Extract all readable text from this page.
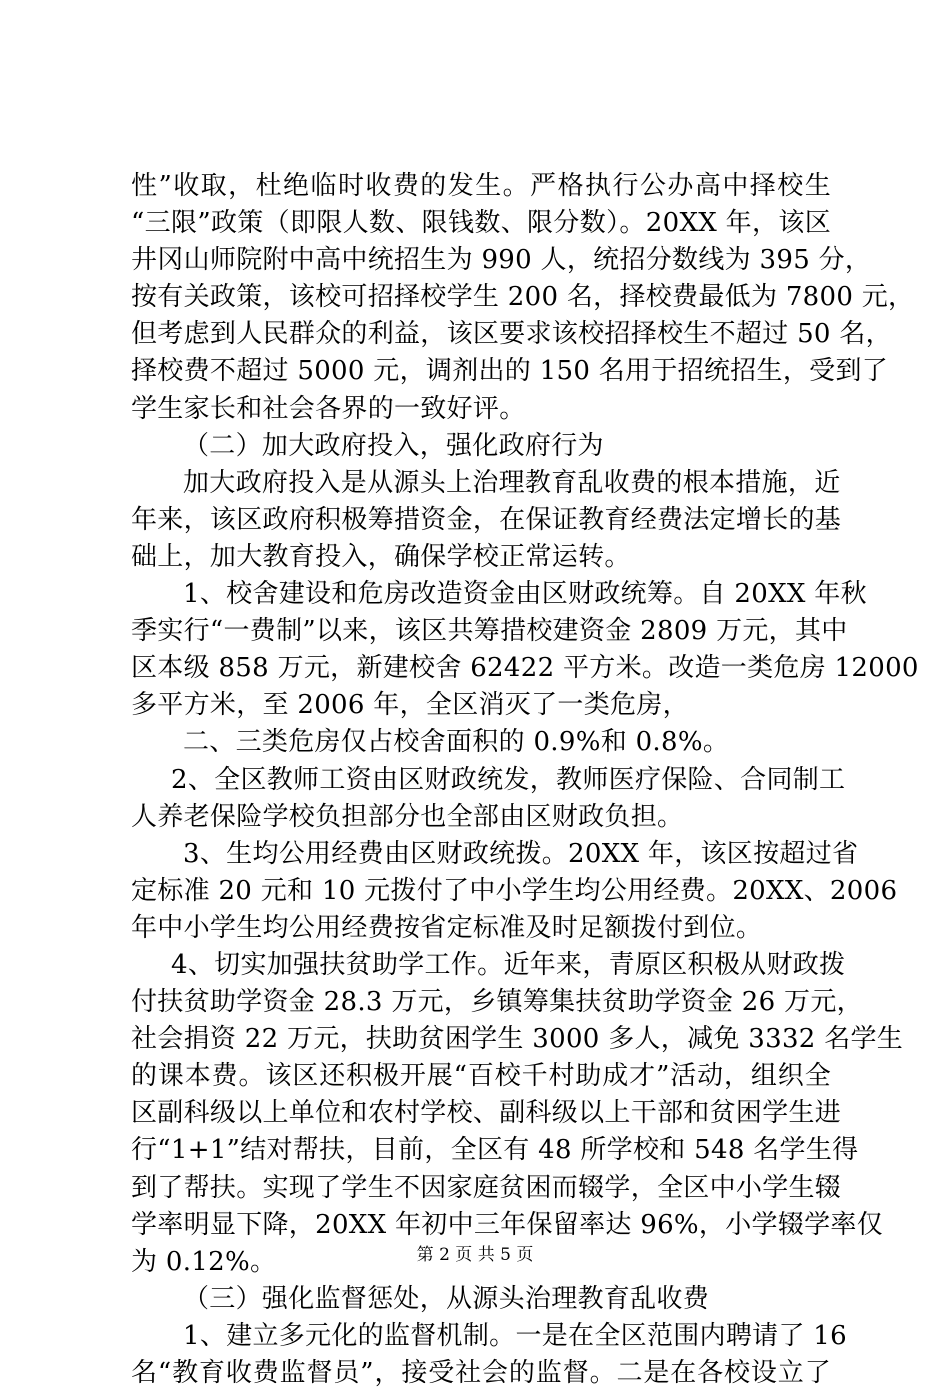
性”收取，杜绝临时收费的发生。严格执行公办高中择校生
“三限”政策（即限人数、限钱数、限分数）。20XX 年，该区
井冈山师院附中高中统招生为 990 人，统招分数线为 395 分，
按有关政策，该校可招择校学生 200 名，择校费最低为 7800 元，
但考虑到人民群众的利益，该区要求该校招择校生不超过 50 名，
择校费不超过 5000 元，调剂出的 150 名用于招统招生，受到了
学生家长和社会各界的一致好评。
（二）加大政府投入，强化政府行为
加大政府投入是从源头上治理教育乱收费的根本措施，近
年来，该区政府积极筹措资金，在保证教育经费法定增长的基
础上，加大教育投入，确保学校正常运转。
1、校舍建设和危房改造资金由区财政统筹。自 20XX 年秋
季实行“一费制”以来，该区共筹措校建资金 2809 万元，其中
区本级 858 万元，新建校舍 62422 平方米。改造一类危房 12000
多平方米，至 2006 年，全区消灭了一类危房，
二、三类危房仅占校舍面积的 0.9%和 0.8%。
2、全区教师工资由区财政统发，教师医疗保险、合同制工
人养老保险学校负担部分也全部由区财政负担。
3、生均公用经费由区财政统拨。20XX 年，该区按超过省
定标准 20 元和 10 元拨付了中小学生均公用经费。20XX、2006
年中小学生均公用经费按省定标准及时足额拨付到位。
4、切实加强扶贫助学工作。近年来，青原区积极从财政拨
付扶贫助学资金 28.3 万元，乡镇筹集扶贫助学资金 26 万元，
社会捐资 22 万元，扶助贫困学生 3000 多人，减免 3332 名学生
的课本费。该区还积极开展“百校千村助成才”活动，组织全
区副科级以上单位和农村学校、副科级以上干部和贫困学生进
行“1+1”结对帮扶，目前，全区有 48 所学校和 548 名学生得
到了帮扶。实现了学生不因家庭贫困而辍学，全区中小学生辍
学率明显下降，20XX 年初中三年保留率达 96%，小学辍学率仅
为 0.12%。
（三）强化监督惩处，从源头治理教育乱收费
1、建立多元化的监督机制。一是在全区范围内聘请了 16
名“教育收费监督员”，接受社会的监督。二是在各校设立了
第 2 页 共 5 页
